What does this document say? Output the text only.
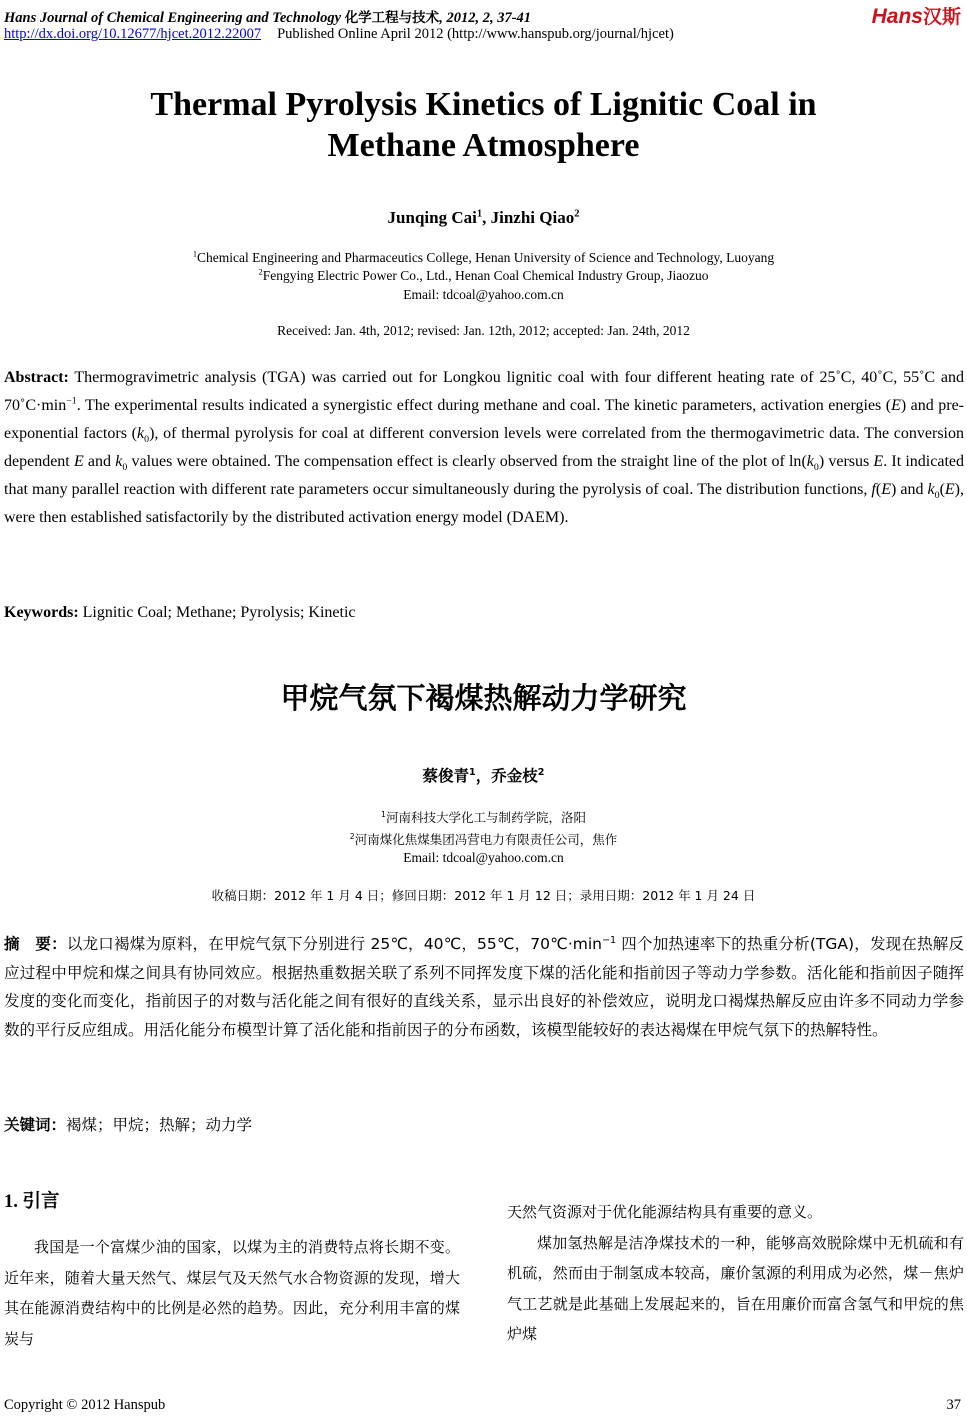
Hans Journal of Chemical Engineering and Technology 化学工程与技术, 2012, 2, 37-41	Hans汉斯
http://dx.doi.org/10.12677/hjcet.2012.22007 Published Online April 2012 (http://www.hanspub.org/journal/hjcet)
Thermal Pyrolysis Kinetics of Lignitic Coal in
Methane Atmosphere
Junqing Cai$^1$, Jinzhi Qiao$^2$
$^1$Chemical Engineering and Pharmaceutics College, Henan University of Science and Technology, Luoyang
$^2$Fengying Electric Power Co., Ltd., Henan Coal Chemical Industry Group, Jiaozuo
Email: tdcoal@yahoo.com.cn
Received: Jan. 4th, 2012; revised: Jan. 12th, 2012; accepted: Jan. 24th, 2012
Abstract: Thermogravimetric analysis (TGA) was carried out for Longkou lignitic coal with four different heating rate of 25˚C, 40˚C, 55˚C and $70˚C\cdot\min^{-1}$. The experimental results indicated a synergistic effect during methane and coal. The kinetic parameters, activation energies (E) and pre-exponential factors $(k_0)$, of thermal pyrolysis for coal at different conversion levels were correlated from the thermogavimetric data. The conversion dependent E and $k_0$ values were obtained. The compensation effect is clearly observed from the straight line of the plot of $\ln(k_0)$ versus E. It indicated that many parallel reaction with different rate parameters occur simultaneously during the pyrolysis of coal. The distribution functions, f(E) and $k_0(E)$, were then established satisfactorily by the distributed activation energy model (DAEM).
Keywords: Lignitic Coal; Methane; Pyrolysis; Kinetic
甲烷气氛下褐煤热解动力学研究
蔡俊青$^1$，乔金枝$^2$
$^1$河南科技大学化工与制药学院，洛阳
$^2$河南煤化焦煤集团冯营电力有限责任公司，焦作
Email: tdcoal@yahoo.com.cn
收稿日期：2012 年 1 月 4 日；修回日期：2012 年 1 月 12 日；录用日期：2012 年 1 月 24 日
摘　要：以龙口褐煤为原料，在甲烷气氛下分别进行 25℃，40℃，55℃，$70℃\cdot\min^{-1}$ 四个加热速率下的热重分析(TGA)，发现在热解反应过程中甲烷和煤之间具有协同效应。根据热重数据关联了系列不同挥发度下煤的活化能和指前因子等动力学参数。活化能和指前因子随挥发度的变化而变化，指前因子的对数与活化能之间有很好的直线关系，显示出良好的补偿效应，说明龙口褐煤热解反应由许多不同动力学参数的平行反应组成。用活化能分布模型计算了活化能和指前因子的分布函数，该模型能较好的表达褐煤在甲烷气氛下的热解特性。
关键词：褐煤；甲烷；热解；动力学
1. 引言

我国是一个富煤少油的国家，以煤为主的消费特点将长期不变。近年来，随着大量天然气、煤层气及天然气水合物资源的发现，增大其在能源消费结构中的比例是必然的趋势。因此，充分利用丰富的煤炭与

天然气资源对于优化能源结构具有重要的意义。

煤加氢热解是洁净煤技术的一种，能够高效脱除煤中无机硫和有机硫，然而由于制氢成本较高，廉价氢源的利用成为必然，煤－焦炉气工艺就是此基础上发展起来的，旨在用廉价而富含氢气和甲烷的焦炉煤

Copyright © 2012 Hanspub	37
